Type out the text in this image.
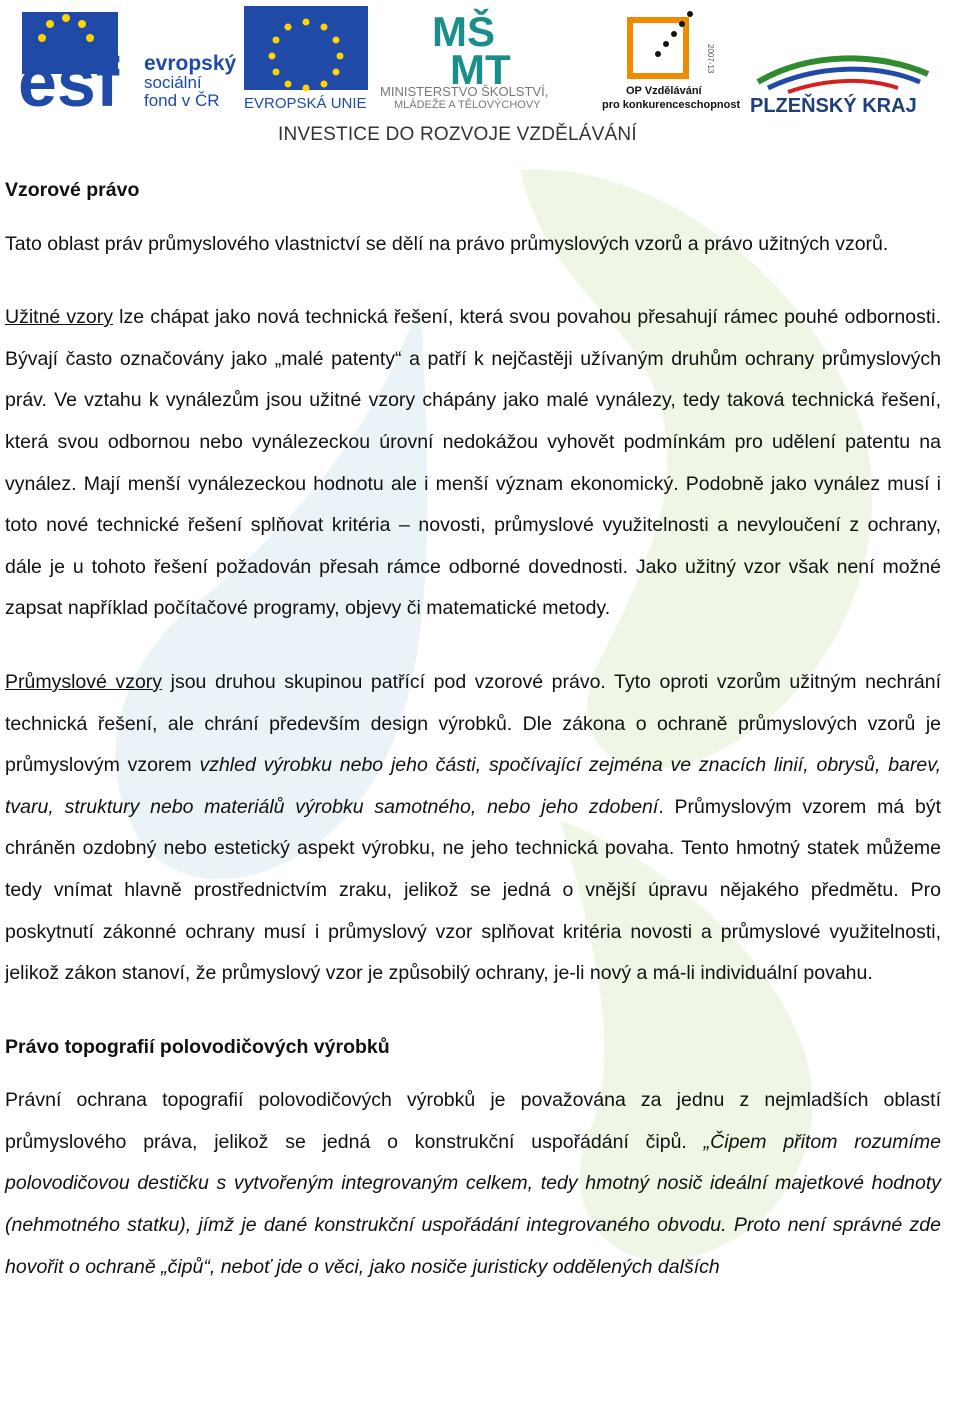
esf evropský
sociální
fond v ČR EVROPSKÁ UNIE
MŠ
MT
MINISTERSTVO ŠKOLSTVÍ,
MLÁDEŽE A TĚLOVÝCHOVY
2007-13
OP Vzdělávání
pro konkurenceschopnost PLZEŇSKÝ KRAJ
INVESTICE DO ROZVOJE VZDĚLÁVÁNÍ
Vzorové právo

Tato oblast práv průmyslového vlastnictví se dělí na právo průmyslových vzorů a právo užitných vzorů.

Užitné vzory lze chápat jako nová technická řešení, která svou povahou přesahují rámec pouhé odbornosti. Bývají často označovány jako „malé patenty“ a patří k nejčastěji užívaným druhům ochrany průmyslových práv. Ve vztahu k vynálezům jsou užitné vzory chápány jako malé vynálezy, tedy taková technická řešení, která svou odbornou nebo vynálezeckou úrovní nedokážou vyhovět podmínkám pro udělení patentu na vynález. Mají menší vynálezeckou hodnotu ale i menší význam ekonomický. Podobně jako vynález musí i toto nové technické řešení splňovat kritéria – novosti, průmyslové využitelnosti a nevyloučení z ochrany, dále je u tohoto řešení požadován přesah rámce odborné dovednosti. Jako užitný vzor však není možné zapsat například počítačové programy, objevy či matematické metody.

Průmyslové vzory jsou druhou skupinou patřící pod vzorové právo. Tyto oproti vzorům užitným nechrání technická řešení, ale chrání především design výrobků. Dle zákona o ochraně průmyslových vzorů je průmyslovým vzorem vzhled výrobku nebo jeho části, spočívající zejména ve znacích linií, obrysů, barev, tvaru, struktury nebo materiálů výrobku samotného, nebo jeho zdobení. Průmyslovým vzorem má být chráněn ozdobný nebo estetický aspekt výrobku, ne jeho technická povaha. Tento hmotný statek můžeme tedy vnímat hlavně prostřednictvím zraku, jelikož se jedná o vnější úpravu nějakého předmětu. Pro poskytnutí zákonné ochrany musí i průmyslový vzor splňovat kritéria novosti a průmyslové využitelnosti, jelikož zákon stanoví, že průmyslový vzor je způsobilý ochrany, je-li nový a má-li individuální povahu.

Právo topografií polovodičových výrobků

Právní ochrana topografií polovodičových výrobků je považována za jednu z nejmladších oblastí průmyslového práva, jelikož se jedná o konstrukční uspořádání čipů. „Čipem přitom rozumíme polovodičovou destičku s vytvořeným integrovaným celkem, tedy hmotný nosič ideální majetkové hodnoty (nehmotného statku), jímž je dané konstrukční uspořádání integrovaného obvodu. Proto není správné zde hovořit o ochraně „čipů“, neboť jde o věci, jako nosiče juristicky oddělených dalších
